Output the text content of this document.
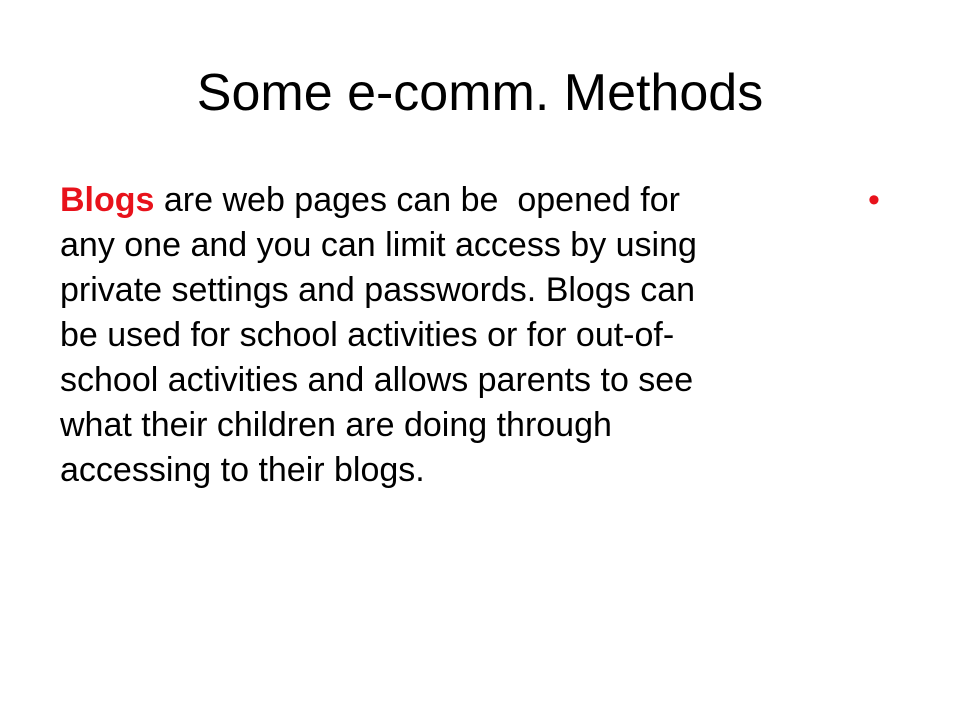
Some e-comm. Methods
Blogs are web pages can be  opened for
any one and you can limit access by using
private settings and passwords. Blogs can
be used for school activities or for out-of-
school activities and allows parents to see
what their children are doing through
accessing to their blogs.
•
